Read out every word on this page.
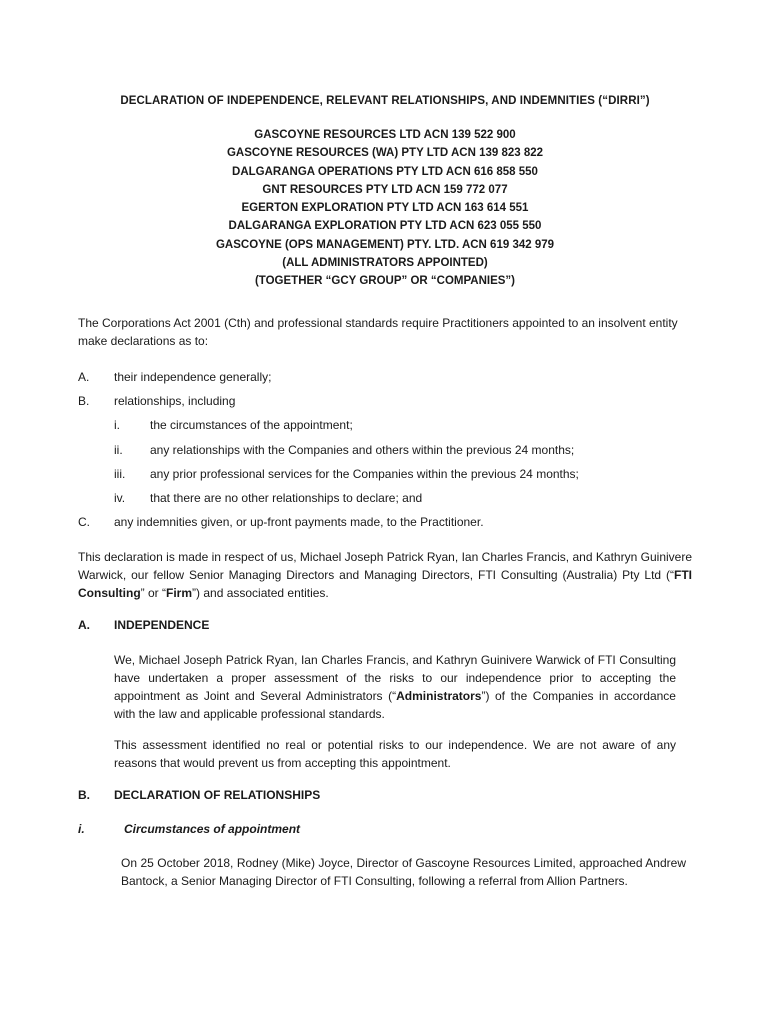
DECLARATION OF INDEPENDENCE, RELEVANT RELATIONSHIPS, AND INDEMNITIES (“DIRRI”)
GASCOYNE RESOURCES LTD ACN 139 522 900
GASCOYNE RESOURCES (WA) PTY LTD ACN 139 823 822
DALGARANGA OPERATIONS PTY LTD ACN 616 858 550
GNT RESOURCES PTY LTD ACN 159 772 077
EGERTON EXPLORATION PTY LTD ACN 163 614 551
DALGARANGA EXPLORATION PTY LTD ACN 623 055 550
GASCOYNE (OPS MANAGEMENT) PTY. LTD. ACN 619 342 979
(ALL ADMINISTRATORS APPOINTED)
(TOGETHER “GCY GROUP” OR “COMPANIES”)

The Corporations Act 2001 (Cth) and professional standards require Practitioners appointed to an insolvent entity make declarations as to:

A. their independence generally;
B. relationships, including
i.	the circumstances of the appointment;
ii. any relationships with the Companies and others within the previous 24 months;
iii. any prior professional services for the Companies within the previous 24 months;
iv. that there are no other relationships to declare; and
C. any indemnities given, or up-front payments made, to the Practitioner.

This declaration is made in respect of us, Michael Joseph Patrick Ryan, Ian Charles Francis, and Kathryn Guinivere Warwick, our fellow Senior Managing Directors and Managing Directors, FTI Consulting (Australia) Pty Ltd (“FTI Consulting” or “Firm”) and associated entities.

A. INDEPENDENCE

We, Michael Joseph Patrick Ryan, Ian Charles Francis, and Kathryn Guinivere Warwick of FTI Consulting have undertaken a proper assessment of the risks to our independence prior to accepting the appointment as Joint and Several Administrators (“Administrators”) of the Companies in accordance with the law and applicable professional standards.

This assessment identified no real or potential risks to our independence. We are not aware of any reasons that would prevent us from accepting this appointment.

B. DECLARATION OF RELATIONSHIPS
i.	Circumstances of appointment

On 25 October 2018, Rodney (Mike) Joyce, Director of Gascoyne Resources Limited, approached Andrew Bantock, a Senior Managing Director of FTI Consulting, following a referral from Allion Partners.
